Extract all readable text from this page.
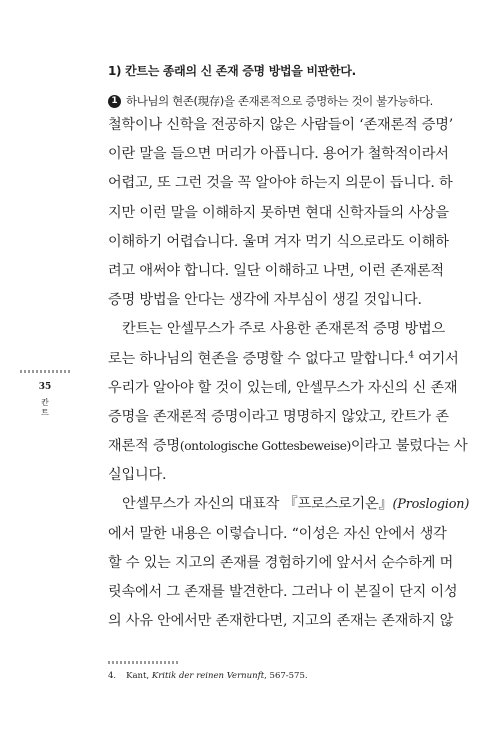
1) 칸트는 종래의 신 존재 증명 방법을 비판한다.
1 하나님의 현존(現存)을 존재론적으로 증명하는 것이 불가능하다.
철학이나 신학을 전공하지 않은 사람들이 ‘존재론적 증명’
이란 말을 들으면 머리가 아픕니다. 용어가 철학적이라서
어렵고, 또 그런 것을 꼭 알아야 하는지 의문이 듭니다. 하
지만 이런 말을 이해하지 못하면 현대 신학자들의 사상을
이해하기 어렵습니다. 울며 겨자 먹기 식으로라도 이해하
려고 애써야 합니다. 일단 이해하고 나면, 이런 존재론적
증명 방법을 안다는 생각에 자부심이 생길 것입니다.
칸트는 안셀무스가 주로 사용한 존재론적 증명 방법으
로는 하나님의 현존을 증명할 수 없다고 말합니다.$^4$ 여기서
우리가 알아야 할 것이 있는데, 안셀무스가 자신의 신 존재
증명을 존재론적 증명이라고 명명하지 않았고, 칸트가 존
재론적 증명(ontologische Gottesbeweise)이라고 불렀다는 사
실입니다.
안셀무스가 자신의 대표작 『프로스로기온』(Proslogion)
에서 말한 내용은 이렇습니다. “이성은 자신 안에서 생각
할 수 있는 지고의 존재를 경험하기에 앞서서 순수하게 머
릿속에서 그 존재를 발견한다. 그러나 이 본질이 단지 이성
의 사유 안에서만 존재한다면, 지고의 존재는 존재하지 않
35
칸
트
4. Kant, Kritik der reinen Vernunft, 567-575.
